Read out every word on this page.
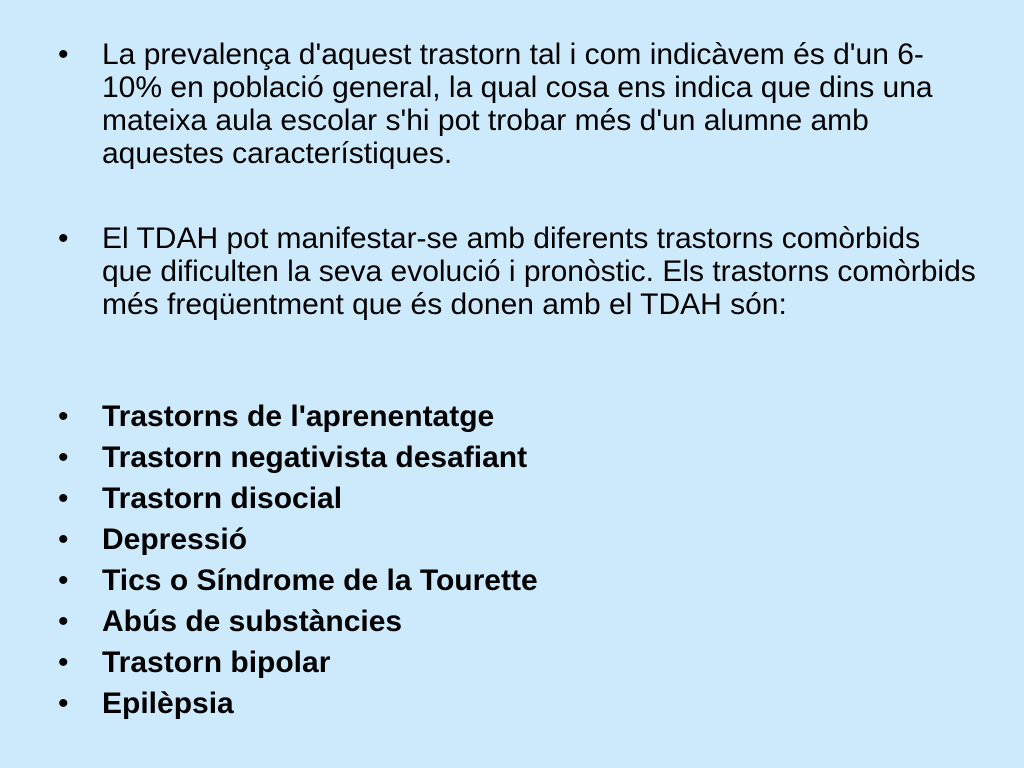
•	La prevalença d'aquest trastorn tal i com indicàvem és d'un 6-10% en població general, la qual cosa ens indica que dins una mateixa aula escolar s'hi pot trobar més d'un alumne amb aquestes característiques.
•	El TDAH pot manifestar-se amb diferents trastorns comòrbids que dificulten la seva evolució i pronòstic. Els trastorns comòrbids més freqüentment que és donen amb el TDAH són:
•	Trastorns de l'aprenentatge
•	Trastorn negativista desafiant
•	Trastorn disocial
•	Depressió
•	Tics o Síndrome de la Tourette
•	Abús de substàncies
•	Trastorn bipolar
•	Epilèpsia
